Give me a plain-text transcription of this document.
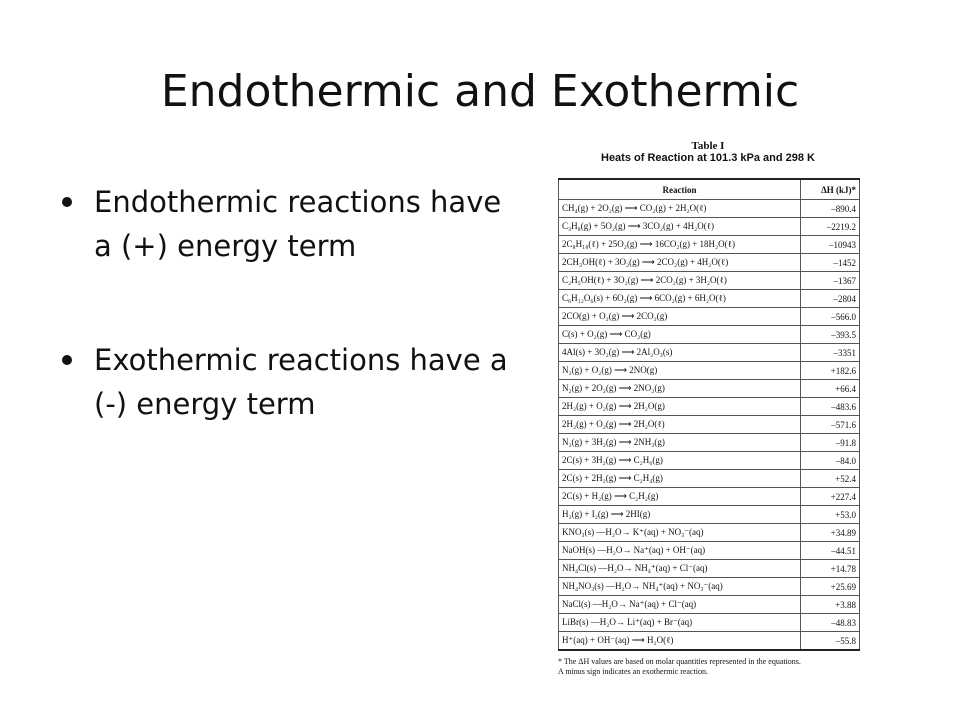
Endothermic and Exothermic
Endothermic reactions have a (+) energy term
Exothermic reactions have a (-) energy term
Table I
Heats of Reaction at 101.3 kPa and 298 K
Reaction	ΔH (kJ)*
CH₄(g) + 2O₂(g) ⟶ CO₂(g) + 2H₂O(ℓ)	–890.4
C₃H₈(g) + 5O₂(g) ⟶ 3CO₂(g) + 4H₂O(ℓ)	–2219.2
2C₈H₁₈(ℓ) + 25O₂(g) ⟶ 16CO₂(g) + 18H₂O(ℓ)	–10943
2CH₃OH(ℓ) + 3O₂(g) ⟶ 2CO₂(g) + 4H₂O(ℓ)	–1452
C₂H₅OH(ℓ) + 3O₂(g) ⟶ 2CO₂(g) + 3H₂O(ℓ)	–1367
C₆H₁₂O₆(s) + 6O₂(g) ⟶ 6CO₂(g) + 6H₂O(ℓ)	–2804
2CO(g) + O₂(g) ⟶ 2CO₂(g)	–566.0
C(s) + O₂(g) ⟶ CO₂(g)	–393.5
4Al(s) + 3O₂(g) ⟶ 2Al₂O₃(s)	–3351
N₂(g) + O₂(g) ⟶ 2NO(g)	+182.6
N₂(g) + 2O₂(g) ⟶ 2NO₂(g)	+66.4
2H₂(g) + O₂(g) ⟶ 2H₂O(g)	–483.6
2H₂(g) + O₂(g) ⟶ 2H₂O(ℓ)	–571.6
N₂(g) + 3H₂(g) ⟶ 2NH₃(g)	–91.8
2C(s) + 3H₂(g) ⟶ C₂H₆(g)	–84.0
2C(s) + 2H₂(g) ⟶ C₂H₄(g)	+52.4
2C(s) + H₂(g) ⟶ C₂H₂(g)	+227.4
H₂(g) + I₂(g) ⟶ 2HI(g)	+53.0
KNO₃(s) —H₂O→ K⁺(aq) + NO₃⁻(aq)	+34.89
NaOH(s) —H₂O→ Na⁺(aq) + OH⁻(aq)	–44.51
NH₄Cl(s) —H₂O→ NH₄⁺(aq) + Cl⁻(aq)	+14.78
NH₄NO₃(s) —H₂O→ NH₄⁺(aq) + NO₃⁻(aq)	+25.69
NaCl(s) —H₂O→ Na⁺(aq) + Cl⁻(aq)	+3.88
LiBr(s) —H₂O→ Li⁺(aq) + Br⁻(aq)	–48.83
H⁺(aq) + OH⁻(aq) ⟶ H₂O(ℓ)	–55.8
* The ΔH values are based on molar quantities represented in the equations.
A minus sign indicates an exothermic reaction.
